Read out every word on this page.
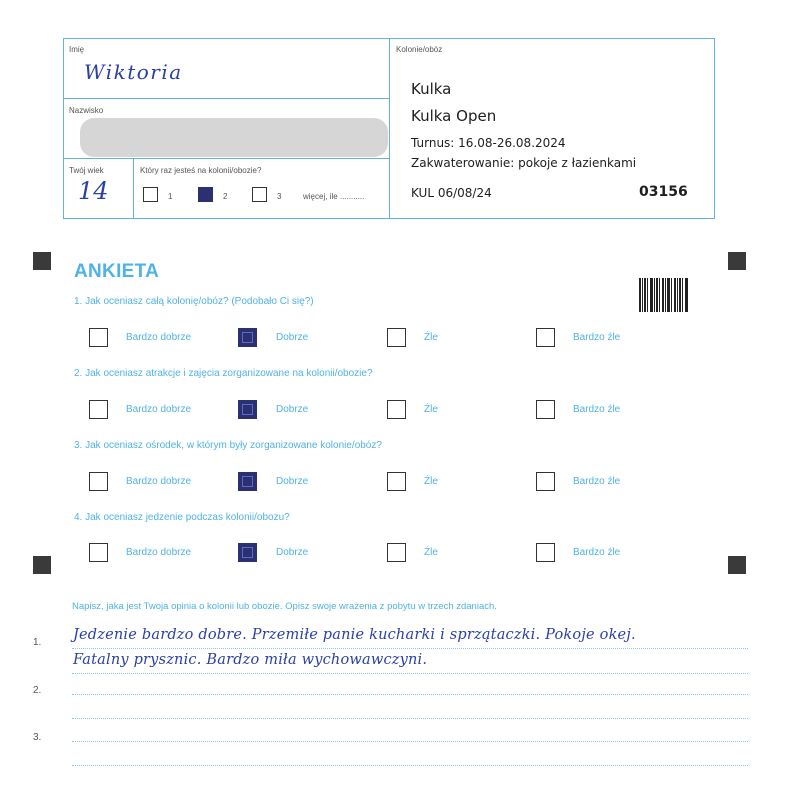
Imię
Wiktoria
Nazwisko
Twój wiek
14
Który raz jesteś na kolonii/obozie?
1	2	3	więcej, ile ...........
Kolonie/obóz
Kulka
Kulka Open
Turnus: 16.08-26.08.2024
Zakwaterowanie: pokoje z łazienkami
KUL 06/08/24	03156
ANKIETA
1. Jak oceniasz całą kolonię/obóz? (Podobało Ci się?)
Bardzo dobrze	Dobrze	Źle	Bardzo źle
2. Jak oceniasz atrakcje i zajęcia zorganizowane na kolonii/obozie?
Bardzo dobrze	Dobrze	Źle	Bardzo źle
3. Jak oceniasz ośrodek, w którym były zorganizowane kolonie/obóz?
Bardzo dobrze	Dobrze	Źle	Bardzo źle
4. Jak oceniasz jedzenie podczas kolonii/obozu?
Bardzo dobrze	Dobrze	Źle	Bardzo źle
Napisz, jaka jest Twoja opinia o kolonii lub obozie. Opisz swoje wrażenia z pobytu w trzech zdaniach.
1.
2.
3.
Jedzenie bardzo dobre. Przemiłe panie kucharki i sprzątaczki. Pokoje okej.
Fatalny prysznic. Bardzo miła wychowawczyni.
